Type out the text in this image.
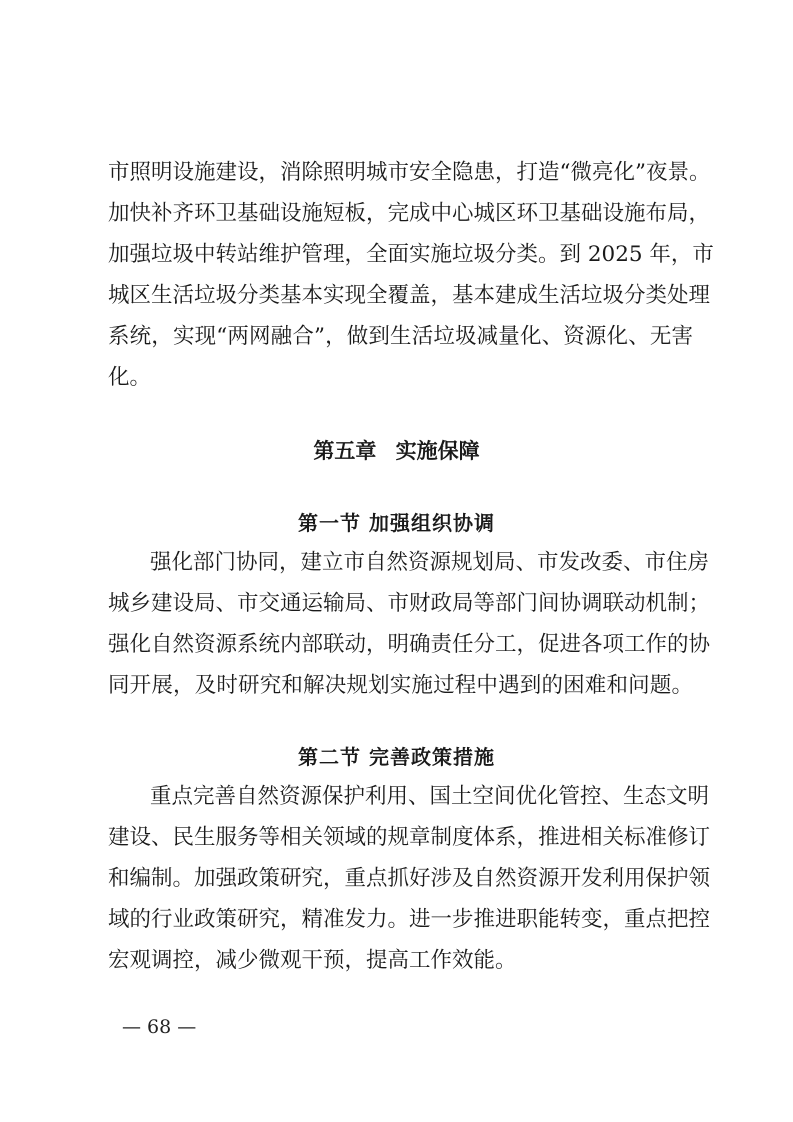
市照明设施建设，消除照明城市安全隐患，打造“微亮化”夜景。
加快补齐环卫基础设施短板，完成中心城区环卫基础设施布局，
加强垃圾中转站维护管理，全面实施垃圾分类。到 2025 年，市
城区生活垃圾分类基本实现全覆盖，基本建成生活垃圾分类处理
系统，实现“两网融合”，做到生活垃圾减量化、资源化、无害
化。
第五章 实施保障
第一节 加强组织协调
强化部门协同，建立市自然资源规划局、市发改委、市住房
城乡建设局、市交通运输局、市财政局等部门间协调联动机制；
强化自然资源系统内部联动，明确责任分工，促进各项工作的协
同开展，及时研究和解决规划实施过程中遇到的困难和问题。
第二节 完善政策措施
重点完善自然资源保护利用、国土空间优化管控、生态文明
建设、民生服务等相关领域的规章制度体系，推进相关标准修订
和编制。加强政策研究，重点抓好涉及自然资源开发利用保护领
域的行业政策研究，精准发力。进一步推进职能转变，重点把控
宏观调控，减少微观干预，提高工作效能。
— 68 —
